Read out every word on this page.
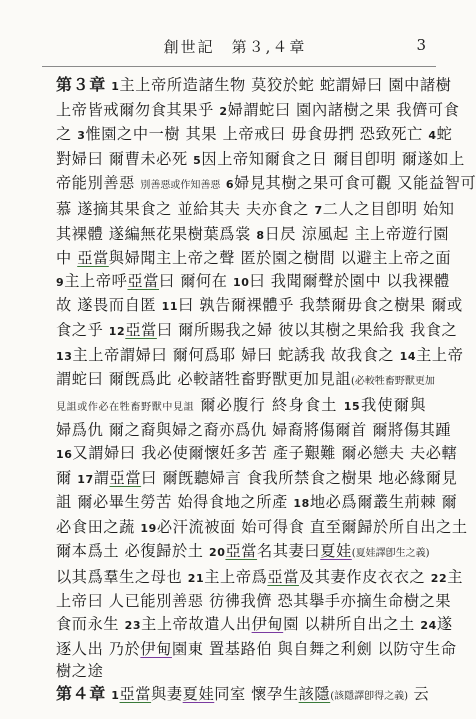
創世記　第３,４章	3
第３章 1主上帝所造諸生物 莫狡於蛇 蛇謂婦曰 園中諸樹
上帝皆戒爾勿食其果乎 2婦謂蛇曰 園內諸樹之果 我儕可食
之 3惟園之中一樹 其果 上帝戒曰 毋食毋捫 恐致死亡 4蛇
對婦曰 爾曹未必死 5因上帝知爾食之日 爾目卽明 爾遂如上
帝能別善惡 別善惡或作知善惡 6婦見其樹之果可食可觀 又能益智可
慕 遂摘其果食之 並給其夫 夫亦食之 7二人之目卽明 始知
其裸體 遂編無花果樹葉爲裳 8日昃 涼風起 主上帝遊行園
中 亞當與婦聞主上帝之聲 匿於園之樹間 以避主上帝之面
9主上帝呼亞當曰 爾何在 10曰 我聞爾聲於園中 以我裸體
故 遂畏而自匿 11曰 孰告爾裸體乎 我禁爾毋食之樹果 爾或
食之乎 12亞當曰 爾所賜我之婦 彼以其樹之果給我 我食之
13主上帝謂婦曰 爾何爲耶 婦曰 蛇誘我 故我食之 14主上帝
謂蛇曰 爾旣爲此 必較諸牲畜野獸更加見詛(必較牲畜野獸更加
見詛或作必在牲畜野獸中見詛 爾必腹行 終身食土 15我使爾與
婦爲仇 爾之裔與婦之裔亦爲仇 婦裔將傷爾首 爾將傷其踵
16又謂婦曰 我必使爾懷妊多苦 產子艱難 爾必戀夫 夫必轄
爾 17謂亞當曰 爾旣聽婦言 食我所禁食之樹果 地必緣爾見
詛 爾必畢生勞苦 始得食地之所產 18地必爲爾叢生荊棘 爾
必食田之蔬 19必汗流被面 始可得食 直至爾歸於所自出之土
爾本爲土 必復歸於土 20亞當名其妻曰夏娃(夏娃譯卽生之義)
以其爲羣生之母也 21主上帝爲亞當及其妻作皮衣衣之 22主
上帝曰 人已能別善惡 彷彿我儕 恐其擧手亦摘生命樹之果
食而永生 23主上帝故遣人出伊甸園 以耕所自出之土 24遂
逐人出 乃於伊甸園東 置基路伯 與自舞之利劍 以防守生命
樹之途
第４章 1亞當與妻夏娃同室 懷孕生該隱(該隱譯卽得之義) 云
